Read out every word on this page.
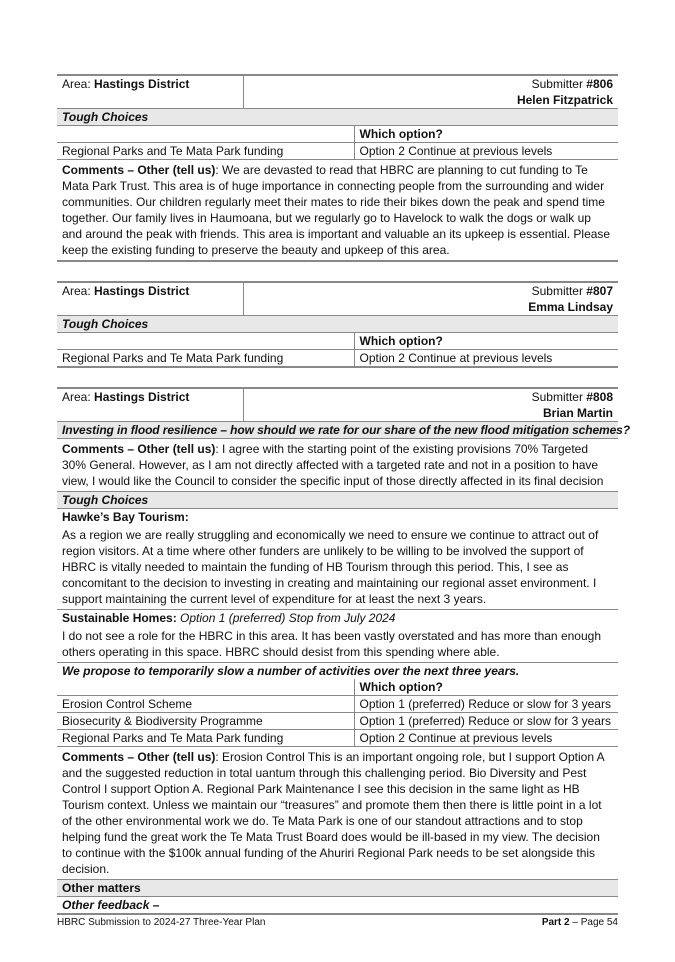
Area: Hastings District	Submitter #806
Helen Fitzpatrick	
Tough Choices		
		Which option?
Regional Parks and Te Mata Park funding		Option 2 Continue at previous levels
Comments – Other (tell us): We are devasted to read that HBRC are planning to cut funding to Te Mata Park Trust. This area is of huge importance in connecting people from the surrounding and wider communities. Our children regularly meet their mates to ride their bikes down the peak and spend time together. Our family lives in Haumoana, but we regularly go to Havelock to walk the dogs or walk up and around the peak with friends. This area is important and valuable an its upkeep is essential. Please keep the existing funding to preserve the beauty and upkeep of this area.		
Area: Hastings District	Submitter #807
Emma Lindsay	
Tough Choices		
		Which option?
Regional Parks and Te Mata Park funding		Option 2 Continue at previous levels
Area: Hastings District	Submitter #808
Brian Martin	
Investing in flood resilience – how should we rate for our share of the new flood mitigation schemes?		
Comments – Other (tell us): I agree with the starting point of the existing provisions 70% Targeted 30% General. However, as I am not directly affected with a targeted rate and not in a position to have view, I would like the Council to consider the specific input of those directly affected in its final decision		
Tough Choices		
Hawke’s Bay Tourism:		
As a region we are really struggling and economically we need to ensure we continue to attract out of region visitors. At a time where other funders are unlikely to be willing to be involved the support of HBRC is vitally needed to maintain the funding of HB Tourism through this period. This, I see as concomitant to the decision to investing in creating and maintaining our regional asset environment. I support maintaining the current level of expenditure for at least the next 3 years.		
Sustainable Homes: Option 1 (preferred) Stop from July 2024		
I do not see a role for the HBRC in this area. It has been vastly overstated and has more than enough others operating in this space. HBRC should desist from this spending where able.		
We propose to temporarily slow a number of activities over the next three years.		
		Which option?
Erosion Control Scheme		Option 1 (preferred) Reduce or slow for 3 years
Biosecurity & Biodiversity Programme		Option 1 (preferred) Reduce or slow for 3 years
Regional Parks and Te Mata Park funding		Option 2 Continue at previous levels
Comments – Other (tell us): Erosion Control This is an important ongoing role, but I support Option A and the suggested reduction in total uantum through this challenging period. Bio Diversity and Pest Control I support Option A. Regional Park Maintenance I see this decision in the same light as HB Tourism context. Unless we maintain our “treasures” and promote them then there is little point in a lot of the other environmental work we do. Te Mata Park is one of our standout attractions and to stop helping fund the great work the Te Mata Trust Board does would be ill-based in my view. The decision to continue with the $100k annual funding of the Ahuriri Regional Park needs to be set alongside this decision.		
Other matters		
Other feedback –		
HBRC Submission to 2024-27 Three-Year Plan	Part 2 – Page 54
